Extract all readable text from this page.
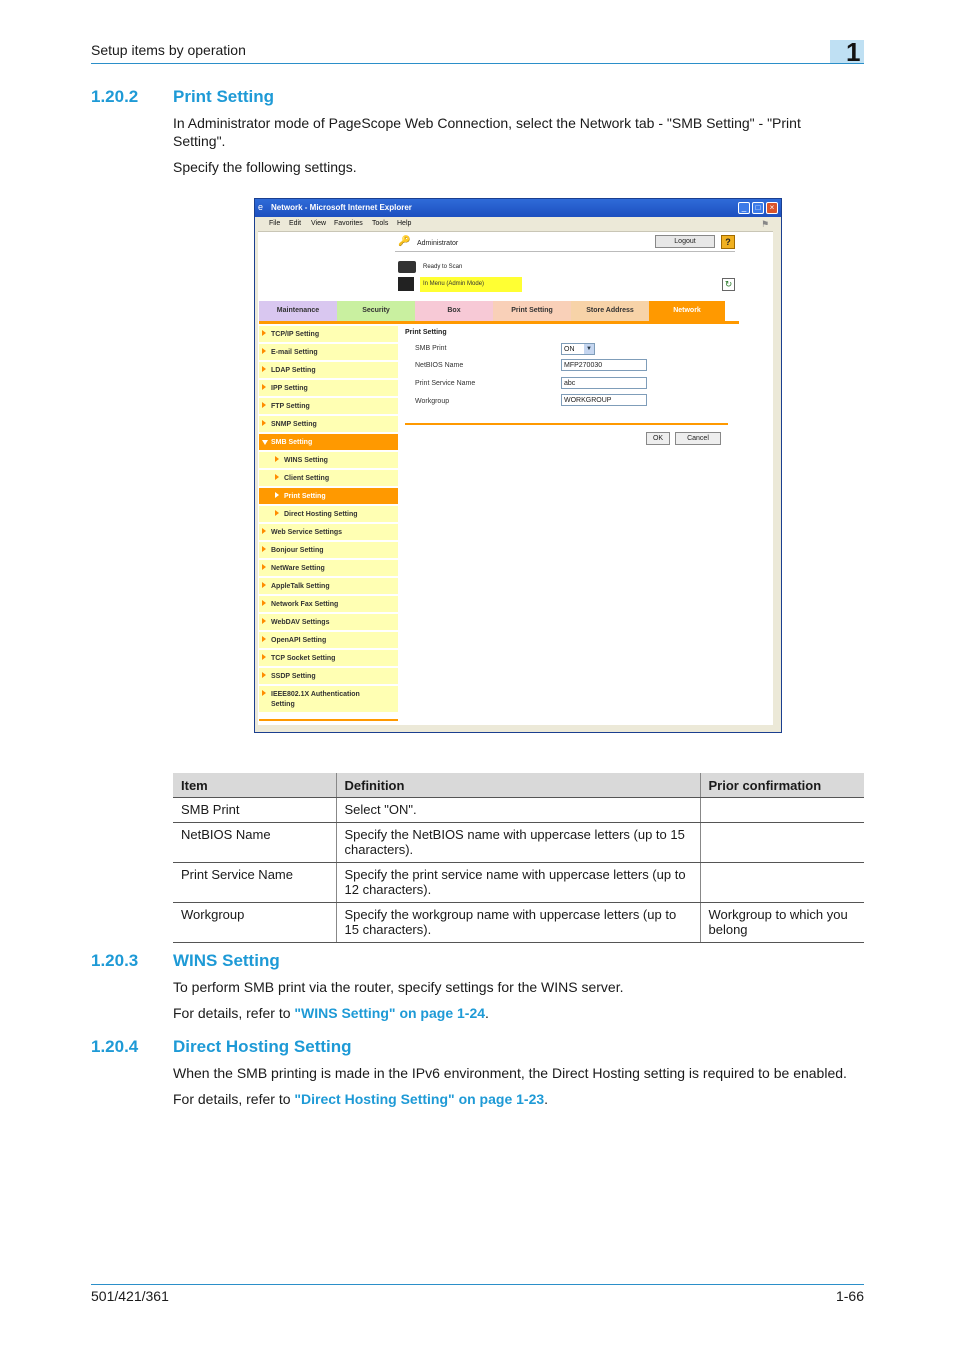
Setup items by operation	1
1.20.2 Print Setting
In Administrator mode of PageScope Web Connection, select the Network tab - "SMB Setting" - "Print Setting".
Specify the following settings.
e Network - Microsoft Internet Explorer	_	□	×
File Edit View Favorites Tools Help	⚑
🔑 Administrator	Logout	?
Ready to Scan
In Menu (Admin Mode)	↻
Maintenance	Security	Box	Print Setting	Store Address	Network
TCP/IP Setting
E-mail Setting
LDAP Setting
IPP Setting
FTP Setting
SNMP Setting
SMB Setting
WINS Setting
Client Setting
Print Setting
Direct Hosting Setting
Web Service Settings
Bonjour Setting
NetWare Setting
AppleTalk Setting
Network Fax Setting
WebDAV Settings
OpenAPI Setting
TCP Socket Setting
SSDP Setting
IEEE802.1X Authentication
Setting
Print Setting
SMB Print	ON	▼
NetBIOS Name	MFP270030
Print Service Name	abc
Workgroup	WORKGROUP
OK	Cancel
Item	Definition	Prior confirmation
SMB Print	Select "ON".	
NetBIOS Name	Specify the NetBIOS name with uppercase letters (up to 15 characters).	
Print Service Name	Specify the print service name with uppercase letters (up to 12 characters).	
Workgroup	Specify the workgroup name with uppercase letters (up to 15 characters).	Workgroup to which you belong
1.20.3 WINS Setting
To perform SMB print via the router, specify settings for the WINS server.
For details, refer to "WINS Setting" on page 1-24.
1.20.4 Direct Hosting Setting
When the SMB printing is made in the IPv6 environment, the Direct Hosting setting is required to be enabled.
For details, refer to "Direct Hosting Setting" on page 1-23.
501/421/361	1-66
